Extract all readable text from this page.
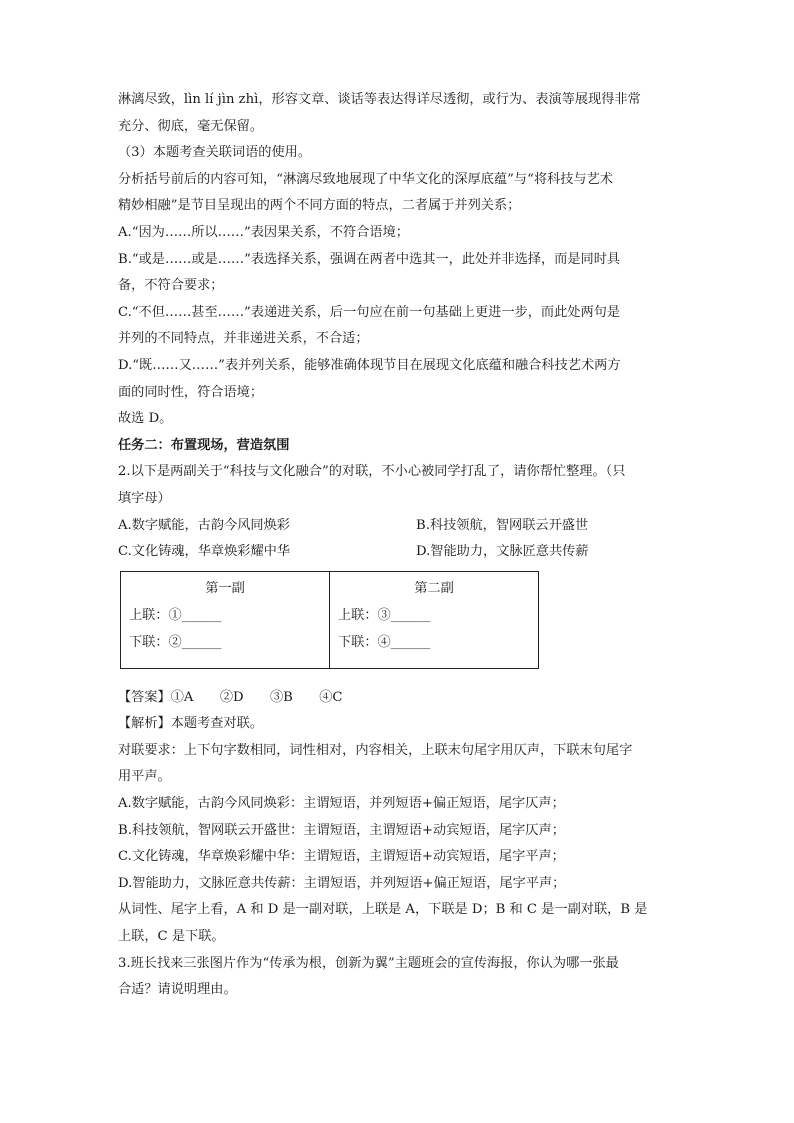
淋漓尽致，lìn lí jìn zhì，形容文章、谈话等表达得详尽透彻，或行为、表演等展现得非常

充分、彻底，毫无保留。

（3）本题考查关联词语的使用。

分析括号前后的内容可知，“淋漓尽致地展现了中华文化的深厚底蕴”与“将科技与艺术

精妙相融”是节目呈现出的两个不同方面的特点，二者属于并列关系；

A.“因为……所以……”表因果关系，不符合语境；

B.“或是……或是……”表选择关系，强调在两者中选其一，此处并非选择，而是同时具

备，不符合要求；

C.“不但……甚至……”表递进关系，后一句应在前一句基础上更进一步，而此处两句是

并列的不同特点，并非递进关系，不合适；

D.“既……又……”表并列关系，能够准确体现节目在展现文化底蕴和融合科技艺术两方

面的同时性，符合语境；

故选 D。

任务二：布置现场，营造氛围

2.以下是两副关于“科技与文化融合”的对联，不小心被同学打乱了，请你帮忙整理。（只

填字母）

A.数字赋能，古韵今风同焕彩	B.科技领航，智网联云开盛世
C.文化铸魂，华章焕彩耀中华	D.智能助力，文脉匠意共传薪
第一副
上联：①______
下联：②______

第二副
上联：③______
下联：④______

【答案】①A　　②D　　③B　　④C

【解析】本题考查对联。

对联要求：上下句字数相同，词性相对，内容相关，上联末句尾字用仄声，下联末句尾字

用平声。

A.数字赋能，古韵今风同焕彩：主谓短语，并列短语+偏正短语，尾字仄声；

B.科技领航，智网联云开盛世：主谓短语，主谓短语+动宾短语，尾字仄声；

C.文化铸魂，华章焕彩耀中华：主谓短语，主谓短语+动宾短语，尾字平声；

D.智能助力，文脉匠意共传薪：主谓短语，并列短语+偏正短语，尾字平声；

从词性、尾字上看，A 和 D 是一副对联，上联是 A，下联是 D；B 和 C 是一副对联，B 是

上联，C 是下联。

3.班长找来三张图片作为“传承为根，创新为翼”主题班会的宣传海报，你认为哪一张最

合适？请说明理由。
